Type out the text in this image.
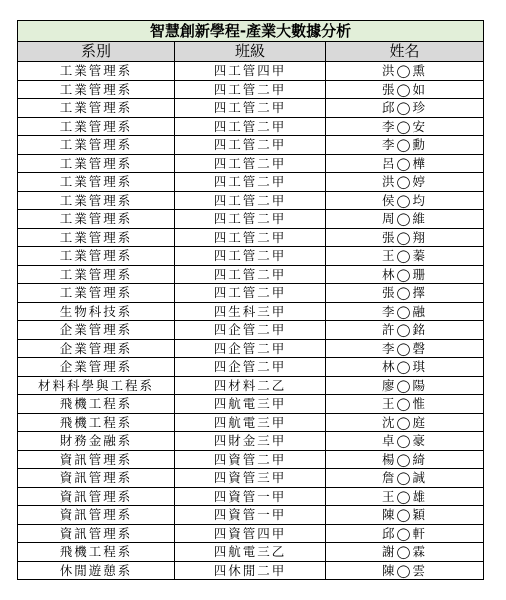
智慧創新學程-產業大數據分析		
系別	班級	姓名
工業管理系	四工管四甲	洪◯熏
工業管理系	四工管二甲	張◯如
工業管理系	四工管二甲	邱◯珍
工業管理系	四工管二甲	李◯安
工業管理系	四工管二甲	李◯勳
工業管理系	四工管二甲	呂◯樺
工業管理系	四工管二甲	洪◯婷
工業管理系	四工管二甲	侯◯均
工業管理系	四工管二甲	周◯維
工業管理系	四工管二甲	張◯翔
工業管理系	四工管二甲	王◯蓁
工業管理系	四工管二甲	林◯珊
工業管理系	四工管二甲	張◯擇
生物科技系	四生科三甲	李◯融
企業管理系	四企管二甲	許◯銘
企業管理系	四企管二甲	李◯磬
企業管理系	四企管二甲	林◯琪
材料科學與工程系	四材料二乙	廖◯陽
飛機工程系	四航電三甲	王◯惟
飛機工程系	四航電三甲	沈◯庭
財務金融系	四財金三甲	卓◯豪
資訊管理系	四資管二甲	楊◯綺
資訊管理系	四資管三甲	詹◯誠
資訊管理系	四資管一甲	王◯雄
資訊管理系	四資管一甲	陳◯穎
資訊管理系	四資管四甲	邱◯軒
飛機工程系	四航電三乙	謝◯霖
休閒遊憩系	四休閒二甲	陳◯雲
